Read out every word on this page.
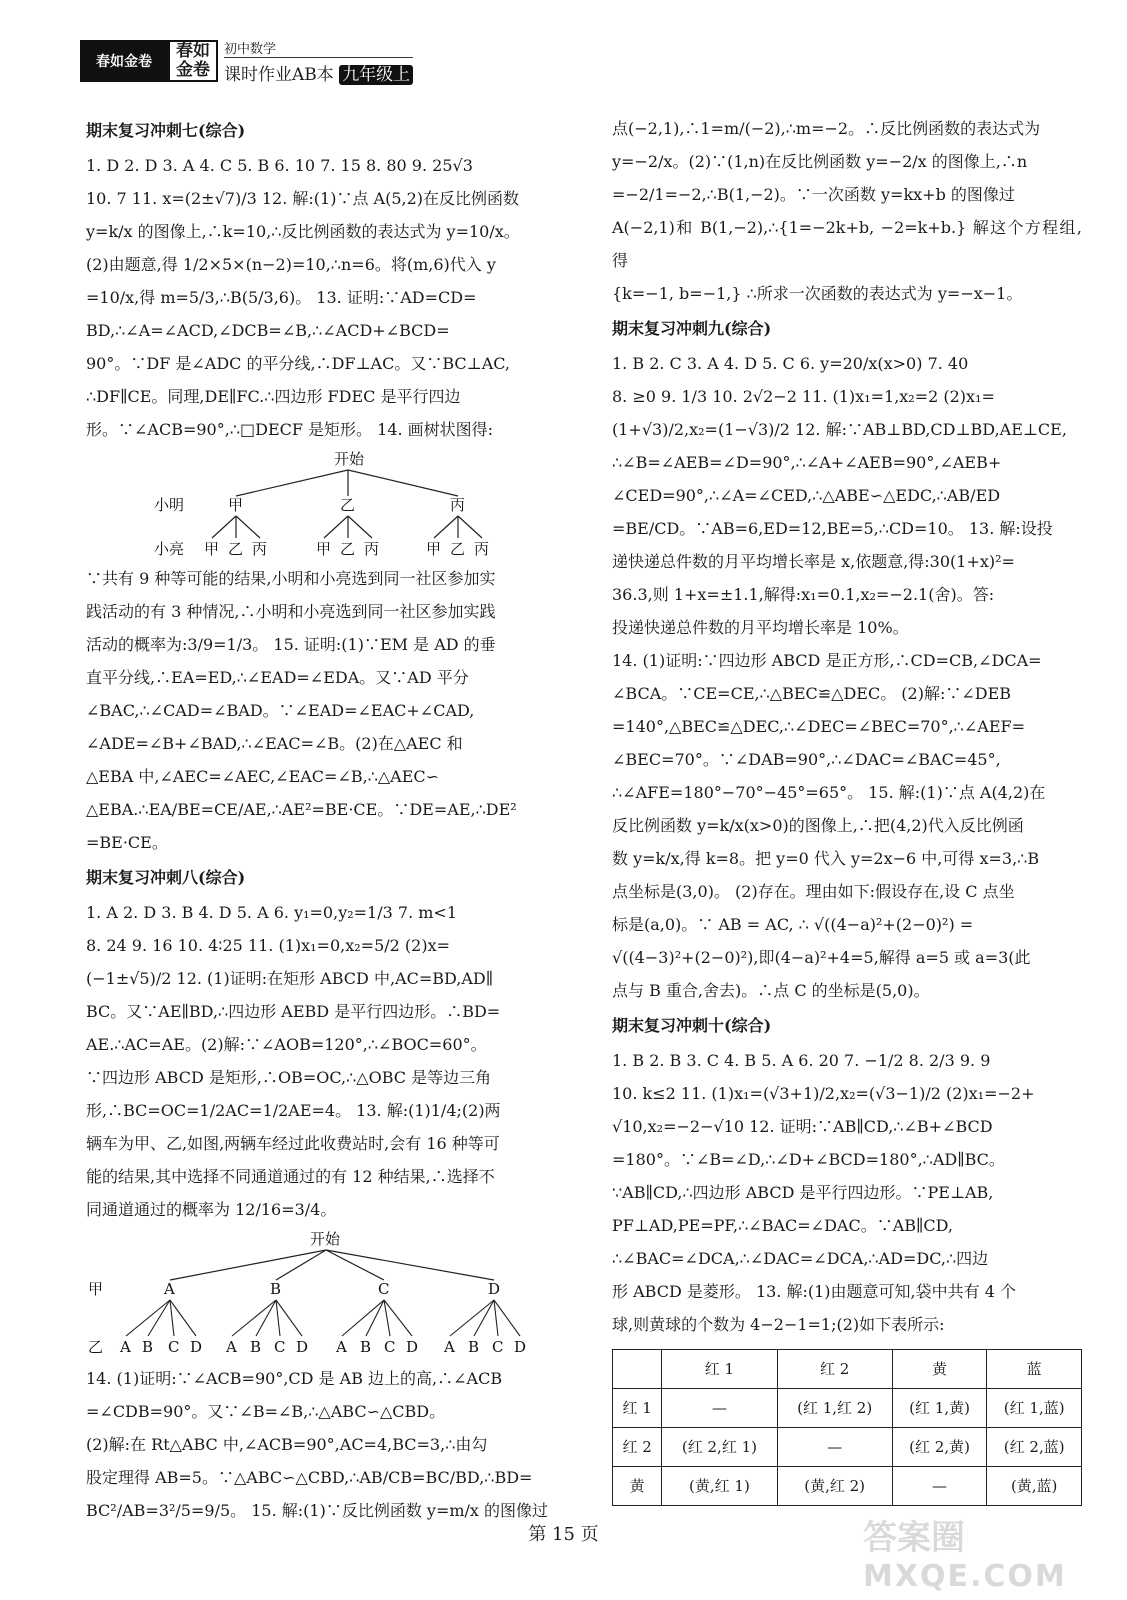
春如金卷
春如
金卷
初中数学
课时作业AB本 九年级上
期末复习冲刺七(综合)

1. D 2. D 3. A 4. C 5. B 6. 10 7. 15 8. 80 9. 25√3

10. 7 11. x=(2±√7)/3 12. 解:(1)∵点 A(5,2)在反比例函数

y=k/x 的图像上,∴k=10,∴反比例函数的表达式为 y=10/x。

(2)由题意,得 1/2×5×(n−2)=10,∴n=6。将(m,6)代入 y

=10/x,得 m=5/3,∴B(5/3,6)。 13. 证明:∵AD=CD=

BD,∴∠A=∠ACD,∠DCB=∠B,∴∠ACD+∠BCD=

90°。∵DF 是∠ADC 的平分线,∴DF⊥AC。又∵BC⊥AC,

∴DF∥CE。同理,DE∥FC.∴四边形 FDEC 是平行四边

形。∵∠ACB=90°,∴□DECF 是矩形。 14. 画树状图得:

开始
小明	甲	乙	丙
小亮 甲 乙 丙	甲 乙 丙	甲 乙 丙

∵共有 9 种等可能的结果,小明和小亮选到同一社区参加实

践活动的有 3 种情况,∴小明和小亮选到同一社区参加实践

活动的概率为:3/9=1/3。 15. 证明:(1)∵EM 是 AD 的垂

直平分线,∴EA=ED,∴∠EAD=∠EDA。又∵AD 平分

∠BAC,∴∠CAD=∠BAD。∵∠EAD=∠EAC+∠CAD,

∠ADE=∠B+∠BAD,∴∠EAC=∠B。(2)在△AEC 和

△EBA 中,∠AEC=∠AEC,∠EAC=∠B,∴△AEC∽

△EBA.∴EA/BE=CE/AE,∴AE²=BE·CE。∵DE=AE,∴DE²

=BE·CE。

期末复习冲刺八(综合)

1. A 2. D 3. B 4. D 5. A 6. y₁=0,y₂=1/3 7. m<1

8. 24 9. 16 10. 4∶25 11. (1)x₁=0,x₂=5/2 (2)x=

(−1±√5)/2 12. (1)证明:在矩形 ABCD 中,AC=BD,AD∥

BC。又∵AE∥BD,∴四边形 AEBD 是平行四边形。∴BD=

AE.∴AC=AE。(2)解:∵∠AOB=120°,∴∠BOC=60°。

∵四边形 ABCD 是矩形,∴OB=OC,∴△OBC 是等边三角

形,∴BC=OC=1/2AC=1/2AE=4。 13. 解:(1)1/4;(2)两

辆车为甲、乙,如图,两辆车经过此收费站时,会有 16 种等可

能的结果,其中选择不同通道通过的有 12 种结果,∴选择不

同通道通过的概率为 12/16=3/4。

开始
甲	A	B	C	D
乙 A B C D A B C D A B C D A B C D

14. (1)证明:∵∠ACB=90°,CD 是 AB 边上的高,∴∠ACB

=∠CDB=90°。又∵∠B=∠B,∴△ABC∽△CBD。

(2)解:在 Rt△ABC 中,∠ACB=90°,AC=4,BC=3,∴由勾

股定理得 AB=5。∵△ABC∽△CBD,∴AB/CB=BC/BD,∴BD=

BC²/AB=3²/5=9/5。 15. 解:(1)∵反比例函数 y=m/x 的图像过

点(−2,1),∴1=m/(−2),∴m=−2。∴反比例函数的表达式为

y=−2/x。(2)∵(1,n)在反比例函数 y=−2/x 的图像上,∴n

=−2/1=−2,∴B(1,−2)。∵一次函数 y=kx+b 的图像过

A(−2,1)和 B(1,−2),∴{1=−2k+b, −2=k+b.} 解这个方程组,得

{k=−1, b=−1,} ∴所求一次函数的表达式为 y=−x−1。

期末复习冲刺九(综合)

1. B 2. C 3. A 4. D 5. C 6. y=20/x(x>0) 7. 40

8. ≥0 9. 1/3 10. 2√2−2 11. (1)x₁=1,x₂=2 (2)x₁=

(1+√3)/2,x₂=(1−√3)/2 12. 解:∵AB⊥BD,CD⊥BD,AE⊥CE,

∴∠B=∠AEB=∠D=90°,∴∠A+∠AEB=90°,∠AEB+

∠CED=90°,∴∠A=∠CED,∴△ABE∽△EDC,∴AB/ED

=BE/CD。∵AB=6,ED=12,BE=5,∴CD=10。 13. 解:设投

递快递总件数的月平均增长率是 x,依题意,得:30(1+x)²=

36.3,则 1+x=±1.1,解得:x₁=0.1,x₂=−2.1(舍)。答:

投递快递总件数的月平均增长率是 10%。

14. (1)证明:∵四边形 ABCD 是正方形,∴CD=CB,∠DCA=

∠BCA。∵CE=CE,∴△BEC≌△DEC。 (2)解:∵∠DEB

=140°,△BEC≌△DEC,∴∠DEC=∠BEC=70°,∴∠AEF=

∠BEC=70°。∵∠DAB=90°,∴∠DAC=∠BAC=45°,

∴∠AFE=180°−70°−45°=65°。 15. 解:(1)∵点 A(4,2)在

反比例函数 y=k/x(x>0)的图像上,∴把(4,2)代入反比例函

数 y=k/x,得 k=8。把 y=0 代入 y=2x−6 中,可得 x=3,∴B

点坐标是(3,0)。 (2)存在。理由如下:假设存在,设 C 点坐

标是(a,0)。∵ AB = AC, ∴ √((4−a)²+(2−0)²) =

√((4−3)²+(2−0)²),即(4−a)²+4=5,解得 a=5 或 a=3(此

点与 B 重合,舍去)。∴点 C 的坐标是(5,0)。

期末复习冲刺十(综合)

1. B 2. B 3. C 4. B 5. A 6. 20 7. −1/2 8. 2/3 9. 9

10. k≤2 11. (1)x₁=(√3+1)/2,x₂=(√3−1)/2 (2)x₁=−2+

√10,x₂=−2−√10 12. 证明:∵AB∥CD,∴∠B+∠BCD

=180°。∵∠B=∠D,∴∠D+∠BCD=180°,∴AD∥BC。

∵AB∥CD,∴四边形 ABCD 是平行四边形。∵PE⊥AB,

PF⊥AD,PE=PF,∴∠BAC=∠DAC。∵AB∥CD,

∴∠BAC=∠DCA,∴∠DAC=∠DCA,∴AD=DC,∴四边

形 ABCD 是菱形。 13. 解:(1)由题意可知,袋中共有 4 个

球,则黄球的个数为 4−2−1=1;(2)如下表所示:

	红 1	红 2	黄	蓝
红 1	—	(红 1,红 2)	(红 1,黄)	(红 1,蓝)
红 2	(红 2,红 1)	—	(红 2,黄)	(红 2,蓝)
黄	(黄,红 1)	(黄,红 2)	—	(黄,蓝)
第 15 页	答案圈
MXQE.COM
